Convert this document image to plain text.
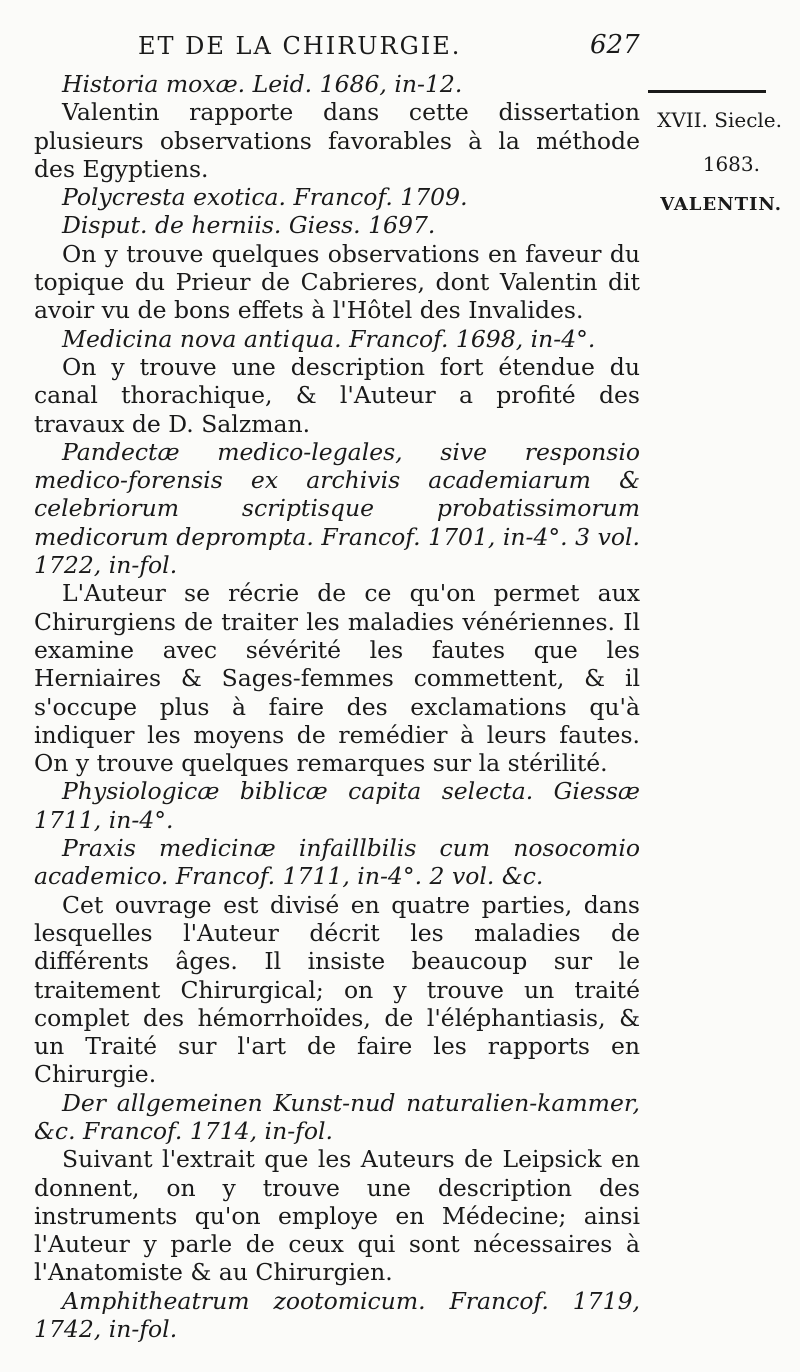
ET DE LA CHIRURGIE.	627
XVII. Siecle.
1683.
VALENTIN.

Historia moxæ. Leid. 1686, in-12.

Valentin rapporte dans cette dissertation plusieurs observations favorables à la méthode des Egyptiens.

Polycresta exotica. Francof. 1709.

Disput. de herniis. Giess. 1697.

On y trouve quelques observations en faveur du topique du Prieur de Cabrieres, dont Valentin dit avoir vu de bons effets à l'Hôtel des Invalides.

Medicina nova antiqua. Francof. 1698, in-4°.

On y trouve une description fort étendue du canal thorachique, & l'Auteur a profité des travaux de D. Salzman.

Pandectæ medico-legales, sive responsio medico-forensis ex archivis academiarum & celebriorum scriptisque probatissimorum medicorum deprompta. Francof. 1701, in-4°. 3 vol. 1722, in-fol.

L'Auteur se récrie de ce qu'on permet aux Chirurgiens de traiter les maladies vénériennes. Il examine avec sévérité les fautes que les Herniaires & Sages-femmes commettent, & il s'occupe plus à faire des exclamations qu'à indiquer les moyens de remédier à leurs fautes. On y trouve quelques remarques sur la stérilité.

Physiologicæ biblicæ capita selecta. Giessæ 1711, in-4°.

Praxis medicinæ infaillbilis cum nosocomio academico. Francof. 1711, in-4°. 2 vol. &c.

Cet ouvrage est divisé en quatre parties, dans lesquelles l'Auteur décrit les maladies de différents âges. Il insiste beaucoup sur le traitement Chirurgical; on y trouve un traité complet des hémorrhoïdes, de l'éléphantiasis, & un Traité sur l'art de faire les rapports en Chirurgie.

Der allgemeinen Kunst-nud naturalien-kammer, &c. Francof. 1714, in-fol.

Suivant l'extrait que les Auteurs de Leipsick en donnent, on y trouve une description des instruments qu'on employe en Médecine; ainsi l'Auteur y parle de ceux qui sont nécessaires à l'Anatomiste & au Chirurgien.

Amphitheatrum zootomicum. Francof. 1719, 1742, in-fol.
